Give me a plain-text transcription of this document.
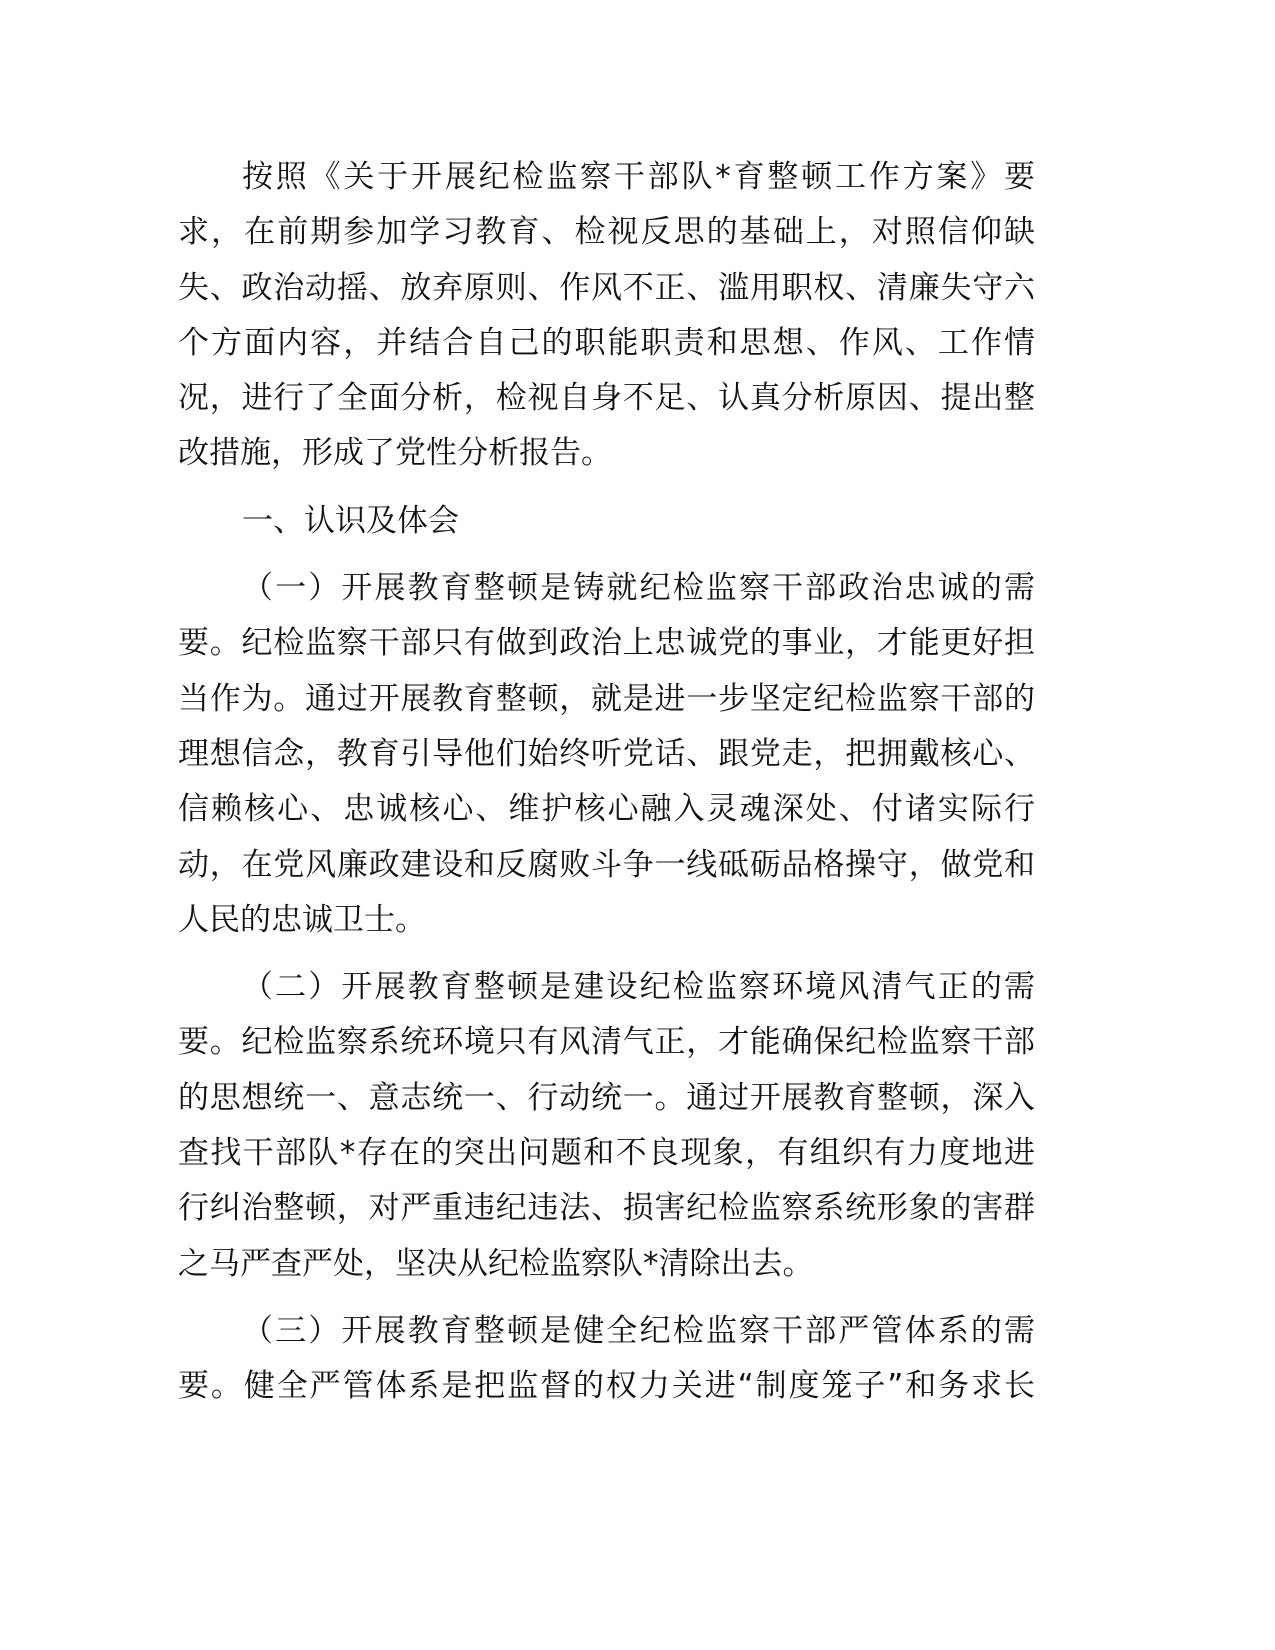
按照《关于开展纪检监察干部队*育整顿工作方案》要
求，在前期参加学习教育、检视反思的基础上，对照信仰缺
失、政治动摇、放弃原则、作风不正、滥用职权、清廉失守六
个方面内容，并结合自己的职能职责和思想、作风、工作情
况，进行了全面分析，检视自身不足、认真分析原因、提出整
改措施，形成了党性分析报告。
一、认识及体会
（一）开展教育整顿是铸就纪检监察干部政治忠诚的需
要。纪检监察干部只有做到政治上忠诚党的事业，才能更好担
当作为。通过开展教育整顿，就是进一步坚定纪检监察干部的
理想信念，教育引导他们始终听党话、跟党走，把拥戴核心、
信赖核心、忠诚核心、维护核心融入灵魂深处、付诸实际行
动，在党风廉政建设和反腐败斗争一线砥砺品格操守，做党和
人民的忠诚卫士。
（二）开展教育整顿是建设纪检监察环境风清气正的需
要。纪检监察系统环境只有风清气正，才能确保纪检监察干部
的思想统一、意志统一、行动统一。通过开展教育整顿，深入
查找干部队*存在的突出问题和不良现象，有组织有力度地进
行纠治整顿，对严重违纪违法、损害纪检监察系统形象的害群
之马严查严处，坚决从纪检监察队*清除出去。
（三）开展教育整顿是健全纪检监察干部严管体系的需
要。健全严管体系是把监督的权力关进“制度笼子”和务求长
